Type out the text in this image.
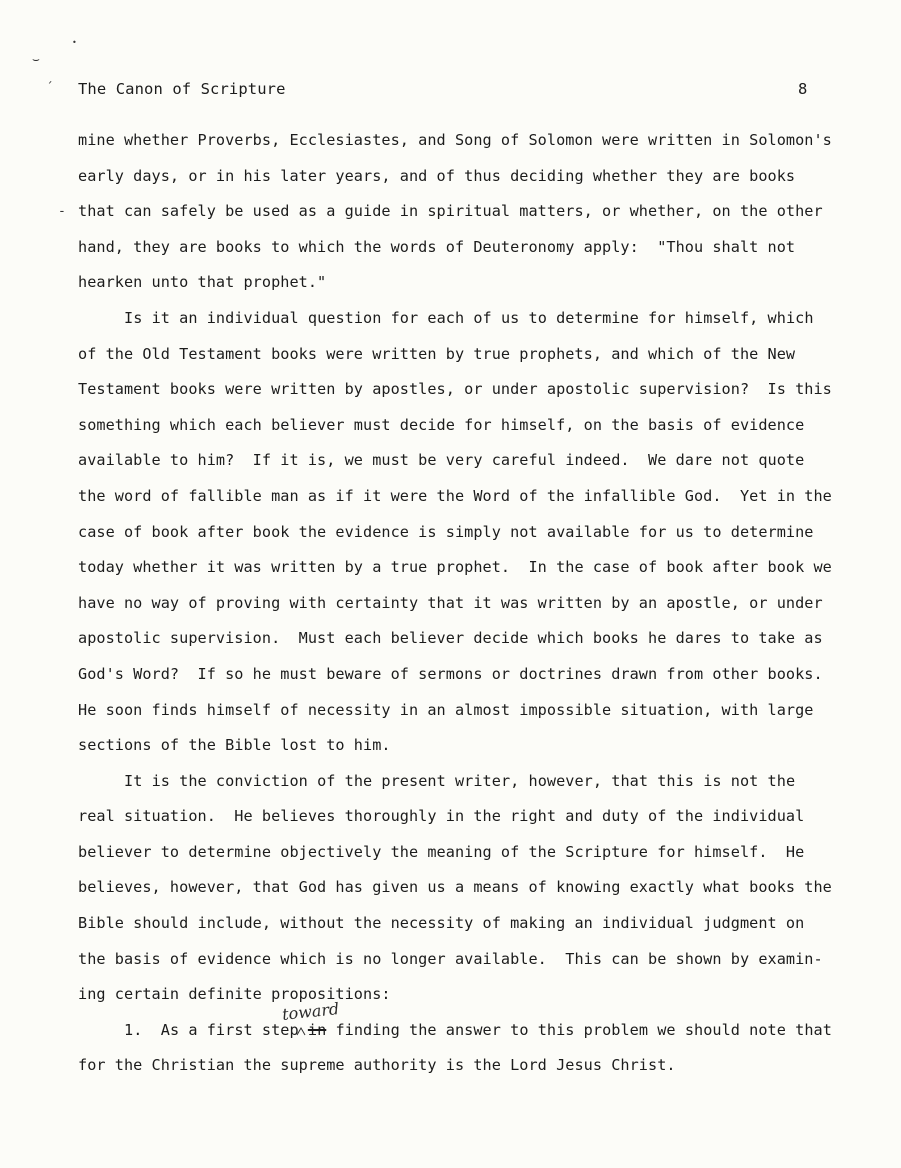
⌣
•
´
-
The Canon of Scripture	8
mine whether Proverbs, Ecclesiastes, and Song of Solomon were written in Solomon's
early days, or in his later years, and of thus deciding whether they are books
that can safely be used as a guide in spiritual matters, or whether, on the other
hand, they are books to which the words of Deuteronomy apply:  "Thou shalt not
hearken unto that prophet."
Is it an individual question for each of us to determine for himself, which
of the Old Testament books were written by true prophets, and which of the New
Testament books were written by apostles, or under apostolic supervision?  Is this
something which each believer must decide for himself, on the basis of evidence
available to him?  If it is, we must be very careful indeed.  We dare not quote
the word of fallible man as if it were the Word of the infallible God.  Yet in the
case of book after book the evidence is simply not available for us to determine
today whether it was written by a true prophet.  In the case of book after book we
have no way of proving with certainty that it was written by an apostle, or under
apostolic supervision.  Must each believer decide which books he dares to take as
God's Word?  If so he must beware of sermons or doctrines drawn from other books.
He soon finds himself of necessity in an almost impossible situation, with large
sections of the Bible lost to him.
It is the conviction of the present writer, however, that this is not the
real situation.  He believes thoroughly in the right and duty of the individual
believer to determine objectively the meaning of the Scripture for himself.  He
believes, however, that God has given us a means of knowing exactly what books the
Bible should include, without the necessity of making an individual judgment on
the basis of evidence which is no longer available.  This can be shown by examin-
ing certain definite propositions:
1.  As a first step in finding the answer to this problem we should note that
for the Christian the supreme authority is the Lord Jesus Christ.
toward
